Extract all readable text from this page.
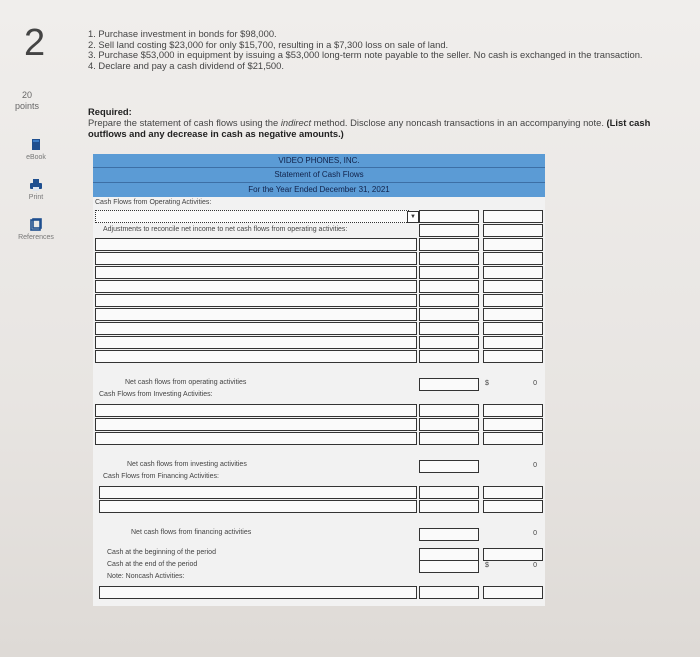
2
20
points
eBook
Print
References
1. Purchase investment in bonds for $98,000.
2. Sell land costing $23,000 for only $15,700, resulting in a $7,300 loss on sale of land.
3. Purchase $53,000 in equipment by issuing a $53,000 long-term note payable to the seller. No cash is exchanged in the transaction.
4. Declare and pay a cash dividend of $21,500.
Required:
Prepare the statement of cash flows using the indirect method. Disclose any noncash transactions in an accompanying note. (List cash outflows and any decrease in cash as negative amounts.)
VIDEO PHONES, INC.
Statement of Cash Flows
For the Year Ended December 31, 2021
Cash Flows from Operating Activities:
▼
Adjustments to reconcile net income to net cash flows from operating activities:
Net cash flows from operating activities	$	0
Cash Flows from Investing Activities:
Net cash flows from investing activities	0
Cash Flows from Financing Activities:
Net cash flows from financing activities	0
Cash at the beginning of the period
Cash at the end of the period	$	0
Note: Noncash Activities:
